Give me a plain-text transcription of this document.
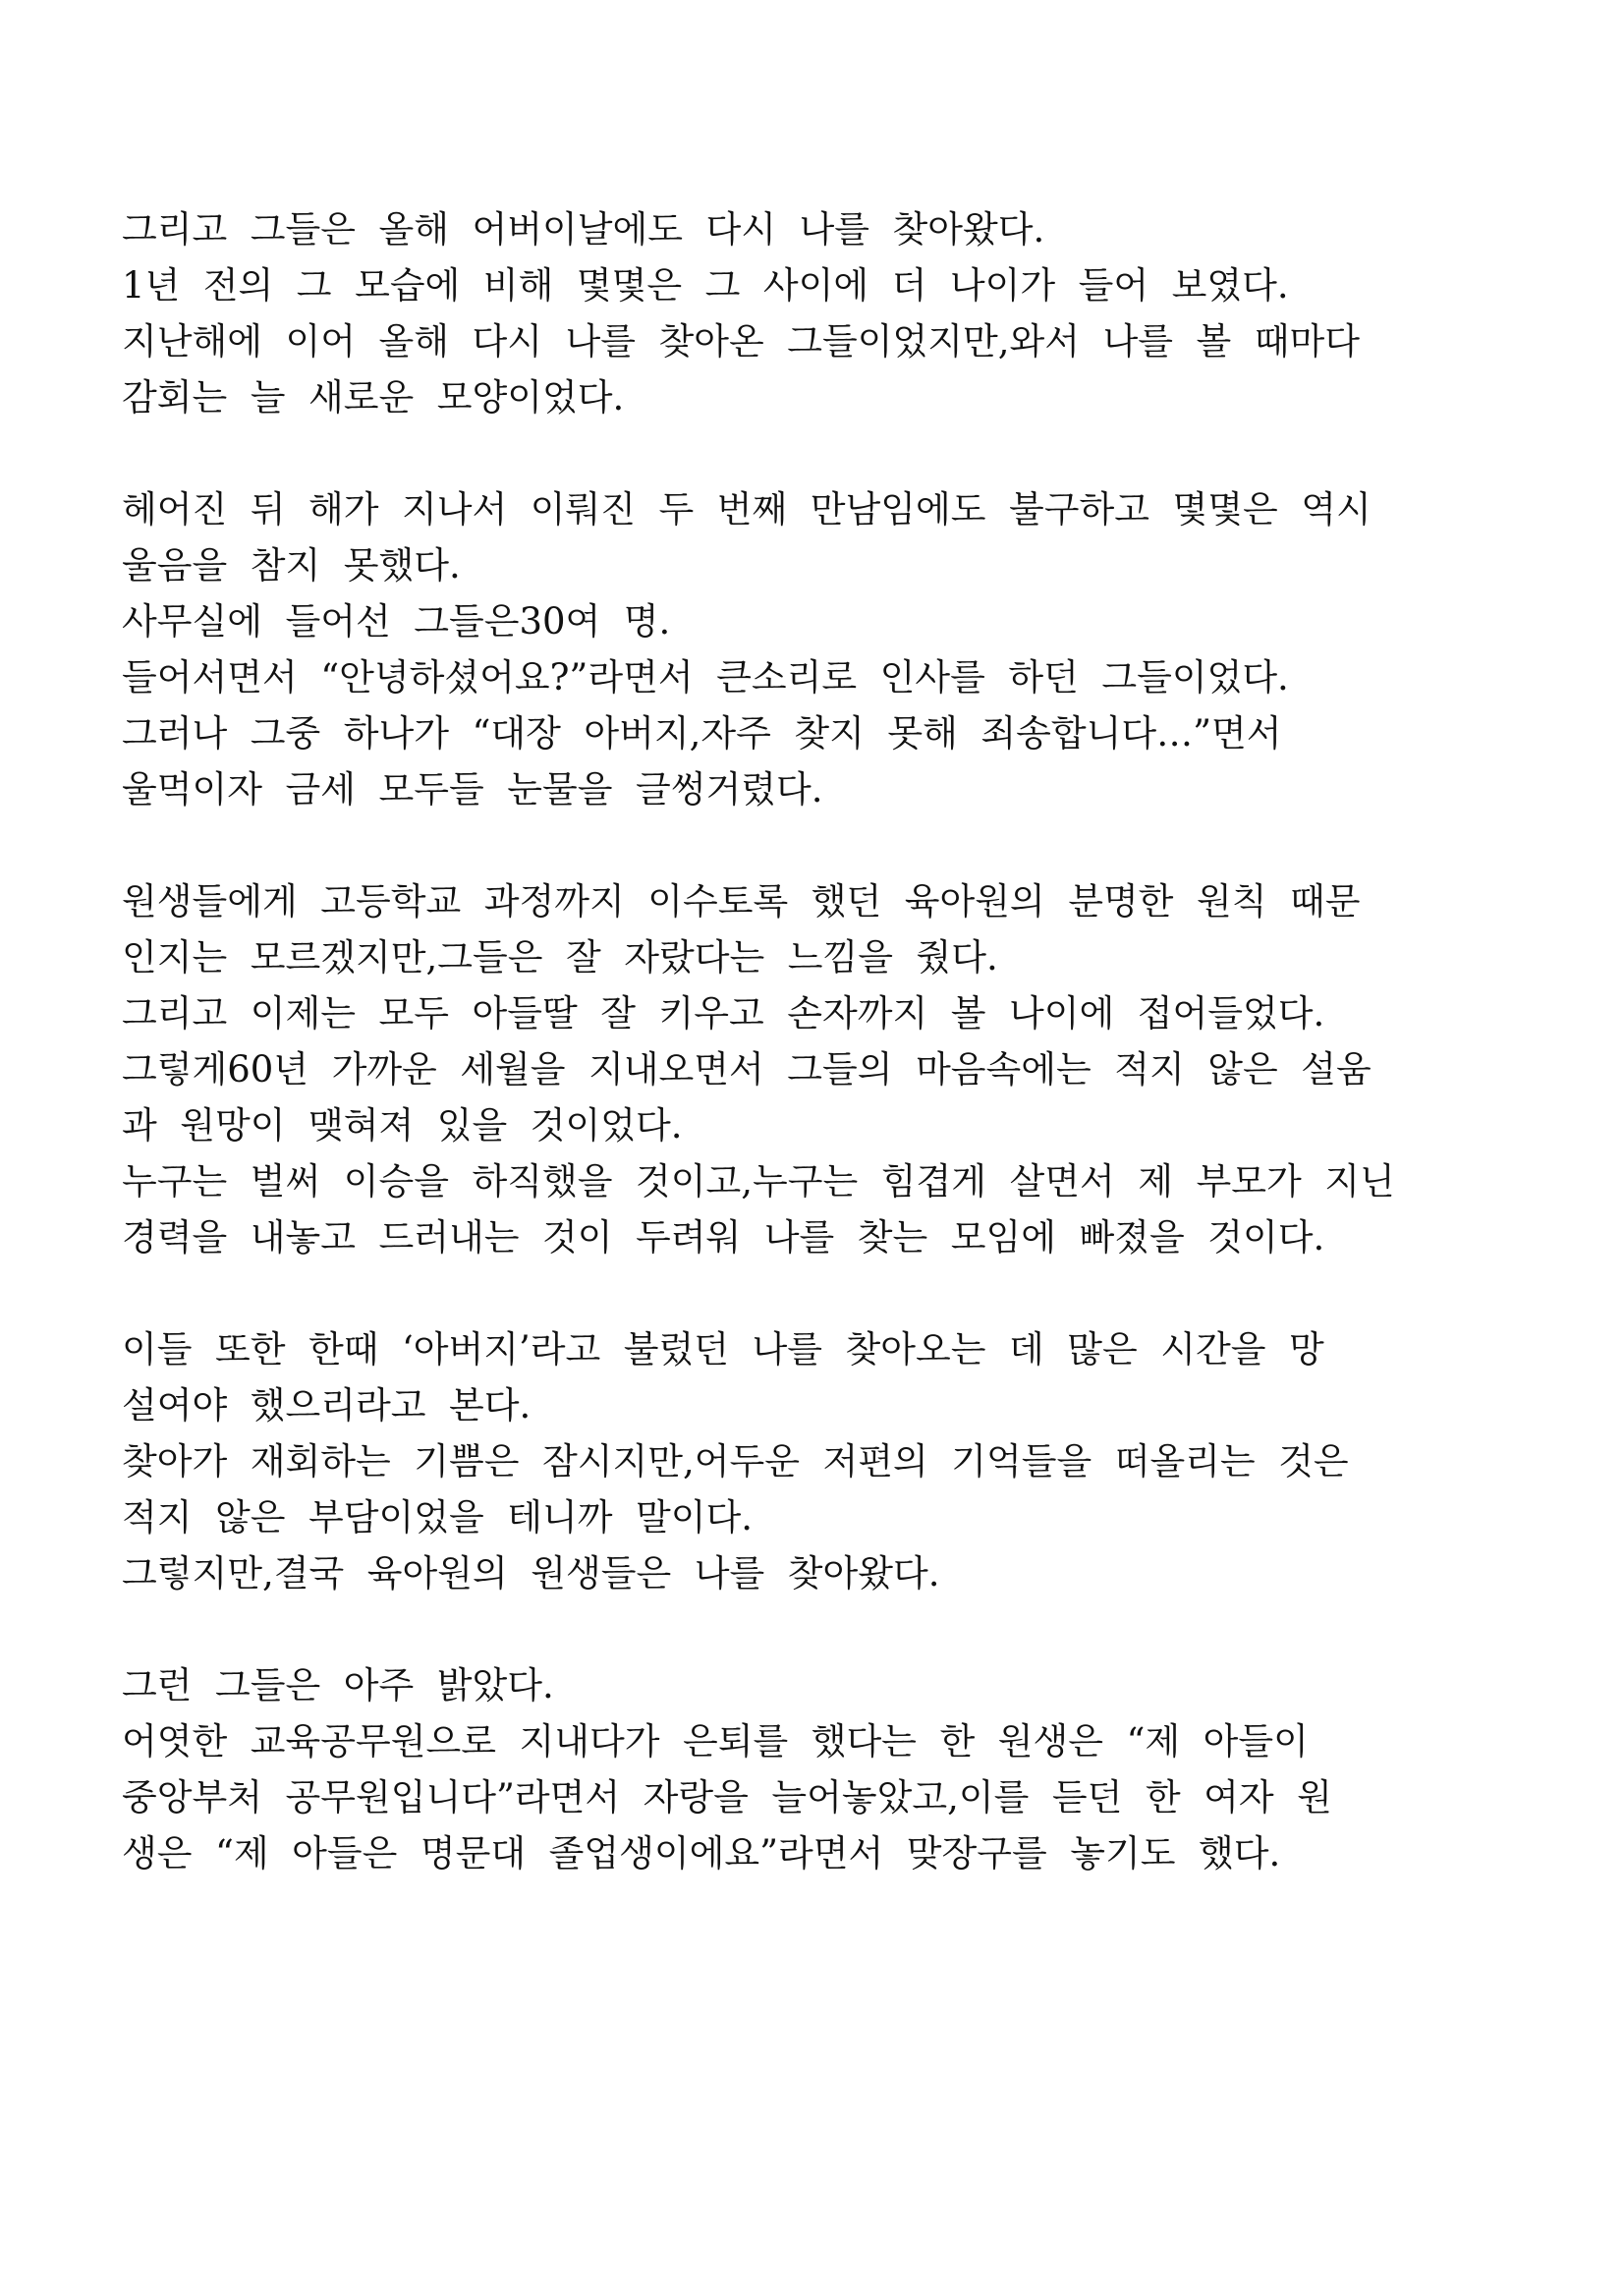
그리고  그들은  올해  어버이날에도  다시  나를  찾아왔다.
1년  전의  그  모습에  비해  몇몇은  그  사이에  더  나이가  들어  보였다.
지난해에  이어  올해  다시  나를  찾아온  그들이었지만,와서  나를  볼  때마다
감회는  늘  새로운  모양이었다.
헤어진  뒤  해가  지나서  이뤄진  두  번째  만남임에도  불구하고  몇몇은  역시
울음을  참지  못했다.
사무실에  들어선  그들은30여  명.
들어서면서  “안녕하셨어요?”라면서  큰소리로  인사를  하던  그들이었다.
그러나  그중  하나가  “대장  아버지,자주  찾지  못해  죄송합니다…”면서
울먹이자  금세  모두들  눈물을  글썽거렸다.
원생들에게  고등학교  과정까지  이수토록  했던  육아원의  분명한  원칙  때문
인지는  모르겠지만,그들은  잘  자랐다는  느낌을  줬다.
그리고  이제는  모두  아들딸  잘  키우고  손자까지  볼  나이에  접어들었다.
그렇게60년  가까운  세월을  지내오면서  그들의  마음속에는  적지  않은  설움
과  원망이  맺혀져  있을  것이었다.
누구는  벌써  이승을  하직했을  것이고,누구는  힘겹게  살면서  제  부모가  지닌
경력을  내놓고  드러내는  것이  두려워  나를  찾는  모임에  빠졌을  것이다.
이들  또한  한때  ‘아버지’라고  불렀던  나를  찾아오는  데  많은  시간을  망
설여야  했으리라고  본다.
찾아가  재회하는  기쁨은  잠시지만,어두운  저편의  기억들을  떠올리는  것은
적지  않은  부담이었을  테니까  말이다.
그렇지만,결국  육아원의  원생들은  나를  찾아왔다.
그런  그들은  아주  밝았다.
어엿한  교육공무원으로  지내다가  은퇴를  했다는  한  원생은  “제  아들이
중앙부처  공무원입니다”라면서  자랑을  늘어놓았고,이를  듣던  한  여자  원
생은  “제  아들은  명문대  졸업생이에요”라면서  맞장구를  놓기도  했다.
